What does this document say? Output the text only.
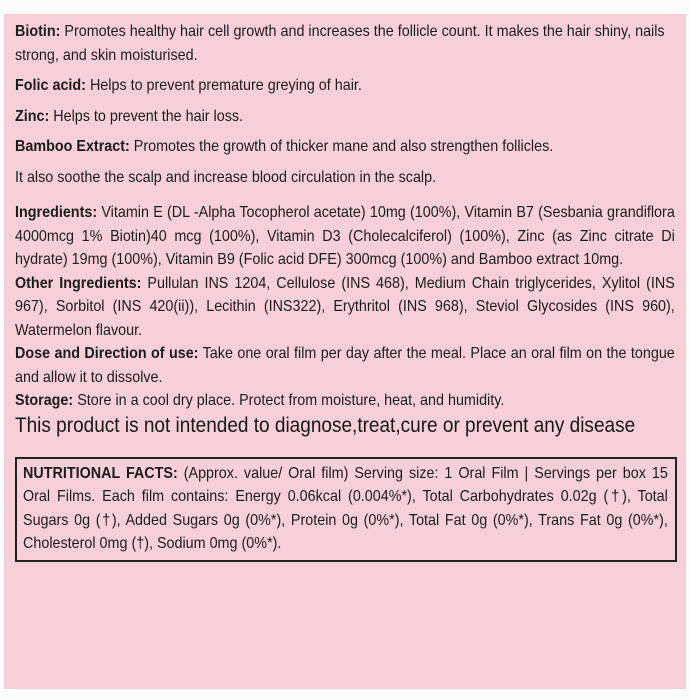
Biotin: Promotes healthy hair cell growth and increases the follicle count. It makes the hair shiny, nails strong, and skin moisturised.

Folic acid: Helps to prevent premature greying of hair.

Zinc: Helps to prevent the hair loss.

Bamboo Extract: Promotes the growth of thicker mane and also strengthen follicles.

It also soothe the scalp and increase blood circulation in the scalp.

Ingredients: Vitamin E (DL -Alpha Tocopherol acetate) 10mg (100%), Vitamin B7 (Sesbania grandiflora 4000mcg 1% Biotin)40 mcg (100%), Vitamin D3 (Cholecalciferol) (100%), Zinc (as Zinc citrate Di hydrate) 19mg (100%), Vitamin B9 (Folic acid DFE) 300mcg (100%) and Bamboo extract 10mg.

Other Ingredients: Pullulan INS 1204, Cellulose (INS 468), Medium Chain triglycerides, Xylitol (INS 967), Sorbitol (INS 420(ii)), Lecithin (INS322), Erythritol (INS 968), Steviol Glycosides (INS 960), Watermelon flavour.

Dose and Direction of use: Take one oral film per day after the meal. Place an oral film on the tongue and allow it to dissolve.

Storage: Store in a cool dry place. Protect from moisture, heat, and humidity.

This product is not intended to diagnose,treat,cure or prevent any disease

NUTRITIONAL FACTS: (Approx. value/ Oral film) Serving size: 1 Oral Film | Servings per box 15 Oral Films. Each film contains: Energy 0.06kcal (0.004%*), Total Carbohydrates 0.02g (†), Total Sugars 0g (†), Added Sugars 0g (0%*), Protein 0g (0%*), Total Fat 0g (0%*), Trans Fat 0g (0%*), Cholesterol 0mg (†), Sodium 0mg (0%*).
